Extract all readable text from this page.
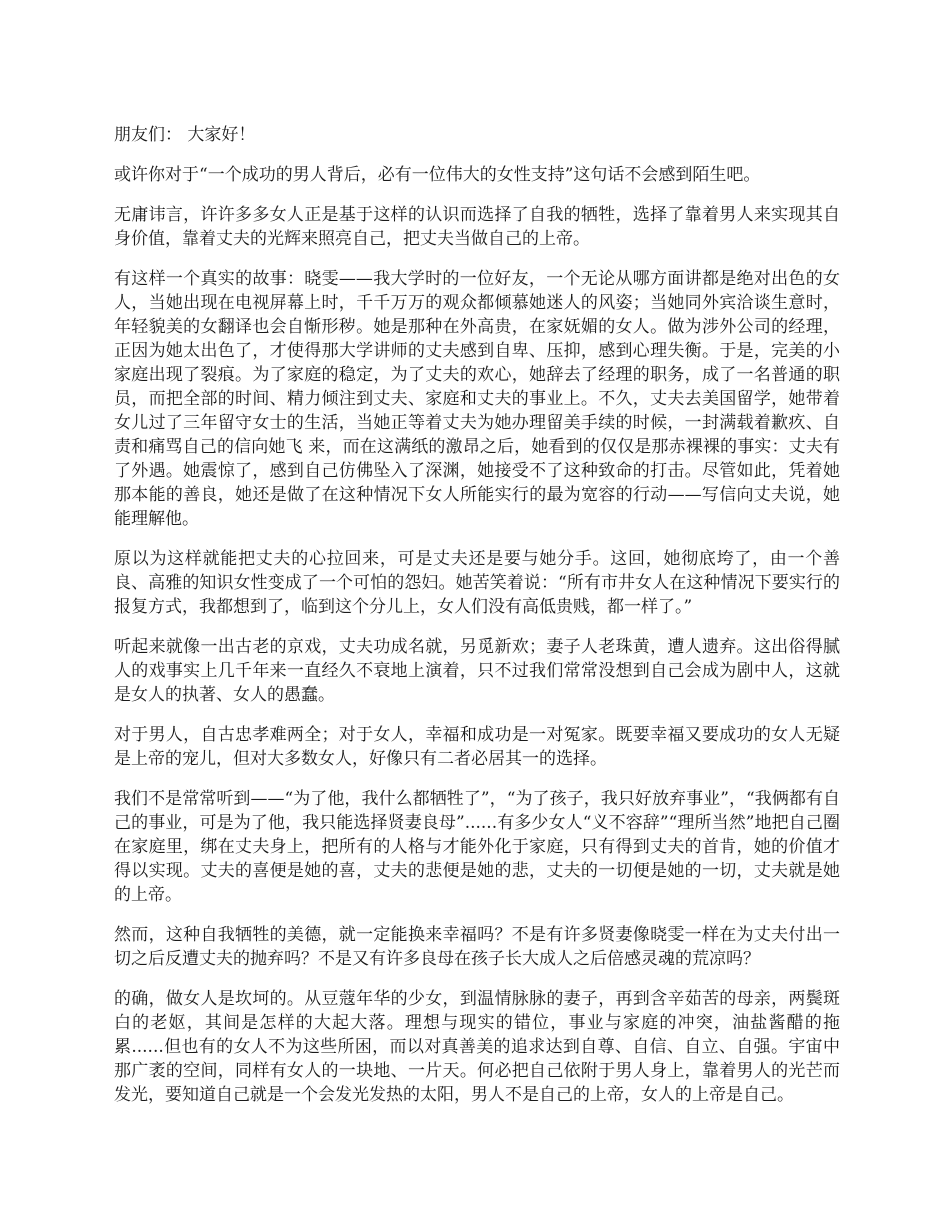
朋友们： 大家好！

或许你对于“一个成功的男人背后，必有一位伟大的女性支持”这句话不会感到陌生吧。

无庸讳言，许许多多女人正是基于这样的认识而选择了自我的牺牲，选择了靠着男人来实现其自身价值，靠着丈夫的光辉来照亮自己，把丈夫当做自己的上帝。

有这样一个真实的故事：晓雯——我大学时的一位好友，一个无论从哪方面讲都是绝对出色的女人，当她出现在电视屏幕上时，千千万万的观众都倾慕她迷人的风姿；当她同外宾洽谈生意时，年轻貌美的女翻译也会自惭形秽。她是那种在外高贵，在家妩媚的女人。做为涉外公司的经理，正因为她太出色了，才使得那大学讲师的丈夫感到自卑、压抑，感到心理失衡。于是，完美的小家庭出现了裂痕。为了家庭的稳定，为了丈夫的欢心，她辞去了经理的职务，成了一名普通的职员，而把全部的时间、精力倾注到丈夫、家庭和丈夫的事业上。不久，丈夫去美国留学，她带着女儿过了三年留守女士的生活，当她正等着丈夫为她办理留美手续的时候，一封满载着歉疚、自责和痛骂自己的信向她飞 来，而在这满纸的激昂之后，她看到的仅仅是那赤裸裸的事实：丈夫有了外遇。她震惊了，感到自己仿佛坠入了深渊，她接受不了这种致命的打击。尽管如此，凭着她那本能的善良，她还是做了在这种情况下女人所能实行的最为宽容的行动——写信向丈夫说，她能理解他。

原以为这样就能把丈夫的心拉回来，可是丈夫还是要与她分手。这回，她彻底垮了，由一个善良、高雅的知识女性变成了一个可怕的怨妇。她苦笑着说：“所有市井女人在这种情况下要实行的报复方式，我都想到了，临到这个分儿上，女人们没有高低贵贱，都一样了。”

听起来就像一出古老的京戏，丈夫功成名就，另觅新欢；妻子人老珠黄，遭人遗弃。这出俗得腻人的戏事实上几千年来一直经久不衰地上演着，只不过我们常常没想到自己会成为剧中人，这就是女人的执著、女人的愚蠢。

对于男人，自古忠孝难两全；对于女人，幸福和成功是一对冤家。既要幸福又要成功的女人无疑是上帝的宠儿，但对大多数女人，好像只有二者必居其一的选择。

我们不是常常听到——“为了他，我什么都牺牲了”，“为了孩子，我只好放弃事业”，“我俩都有自己的事业，可是为了他，我只能选择贤妻良母”......有多少女人“义不容辞”“理所当然”地把自己圈在家庭里，绑在丈夫身上，把所有的人格与才能外化于家庭，只有得到丈夫的首肯，她的价值才得以实现。丈夫的喜便是她的喜，丈夫的悲便是她的悲，丈夫的一切便是她的一切，丈夫就是她的上帝。

然而，这种自我牺牲的美德，就一定能换来幸福吗？不是有许多贤妻像晓雯一样在为丈夫付出一切之后反遭丈夫的抛弃吗？不是又有许多良母在孩子长大成人之后倍感灵魂的荒凉吗？

的确，做女人是坎坷的。从豆蔻年华的少女，到温情脉脉的妻子，再到含辛茹苦的母亲，两鬓斑白的老妪，其间是怎样的大起大落。理想与现实的错位，事业与家庭的冲突，油盐酱醋的拖累......但也有的女人不为这些所困，而以对真善美的追求达到自尊、自信、自立、自强。宇宙中那广袤的空间，同样有女人的一块地、一片天。何必把自己依附于男人身上，靠着男人的光芒而发光，要知道自己就是一个会发光发热的太阳，男人不是自己的上帝，女人的上帝是自己。
